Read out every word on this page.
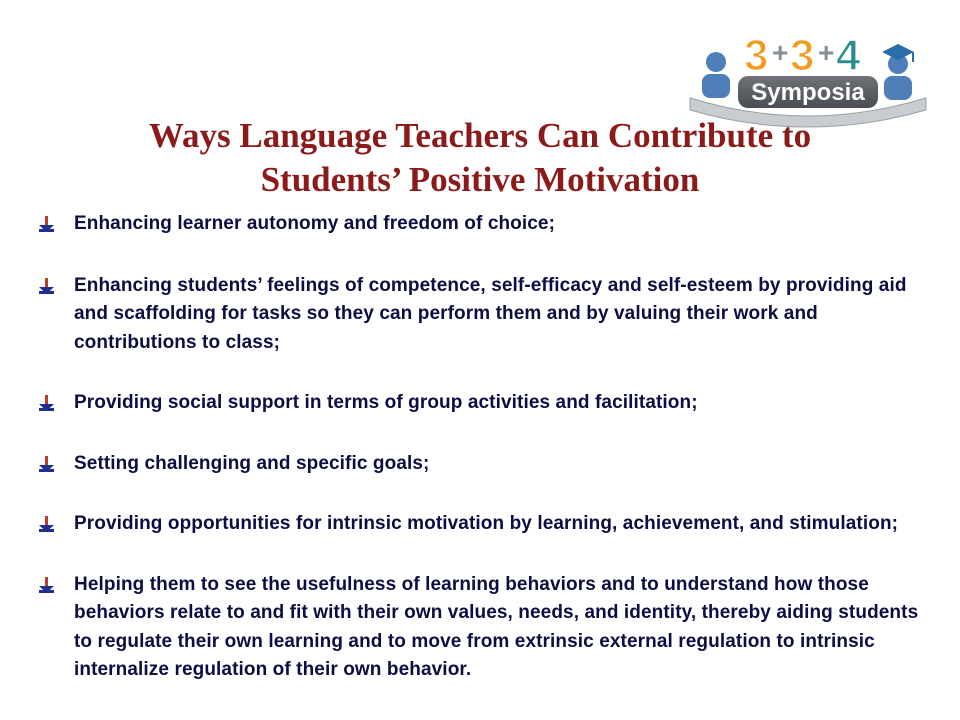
Symposia
3 + 3 + 4
Ways Language Teachers Can Contribute to
Students’ Positive Motivation
Enhancing learner autonomy and freedom of choice;
Enhancing students’ feelings of competence, self-efficacy and self-esteem by providing aid and scaffolding for tasks so they can perform them and by valuing their work and contributions to class;
Providing social support in terms of group activities and facilitation;
Setting challenging and specific goals;
Providing opportunities for intrinsic motivation by learning, achievement, and stimulation;
Helping them to see the usefulness of learning behaviors and to understand how those behaviors relate to and fit with their own values, needs, and identity, thereby aiding students to regulate their own learning and to move from extrinsic external regulation to intrinsic internalize regulation of their own behavior.
